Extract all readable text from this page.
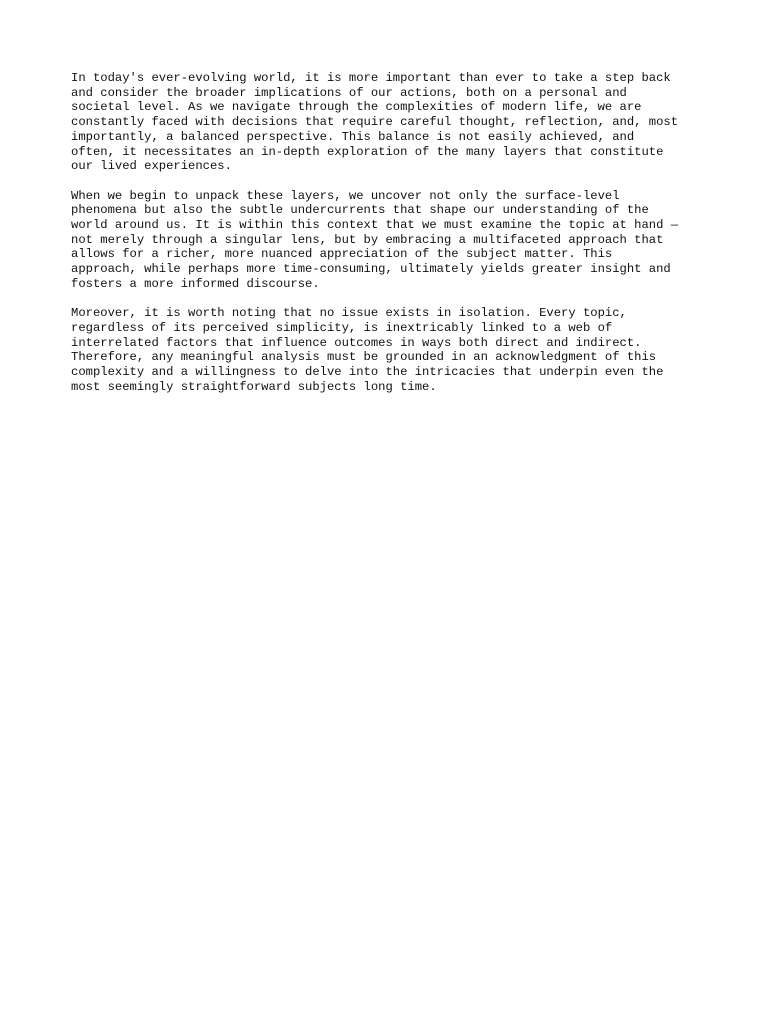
In today's ever-evolving world, it is more important than ever to take a step back
and consider the broader implications of our actions, both on a personal and
societal level. As we navigate through the complexities of modern life, we are
constantly faced with decisions that require careful thought, reflection, and, most
importantly, a balanced perspective. This balance is not easily achieved, and
often, it necessitates an in-depth exploration of the many layers that constitute
our lived experiences.

When we begin to unpack these layers, we uncover not only the surface-level
phenomena but also the subtle undercurrents that shape our understanding of the
world around us. It is within this context that we must examine the topic at hand —
not merely through a singular lens, but by embracing a multifaceted approach that
allows for a richer, more nuanced appreciation of the subject matter. This
approach, while perhaps more time-consuming, ultimately yields greater insight and
fosters a more informed discourse.

Moreover, it is worth noting that no issue exists in isolation. Every topic,
regardless of its perceived simplicity, is inextricably linked to a web of
interrelated factors that influence outcomes in ways both direct and indirect.
Therefore, any meaningful analysis must be grounded in an acknowledgment of this
complexity and a willingness to delve into the intricacies that underpin even the
most seemingly straightforward subjects long time.
